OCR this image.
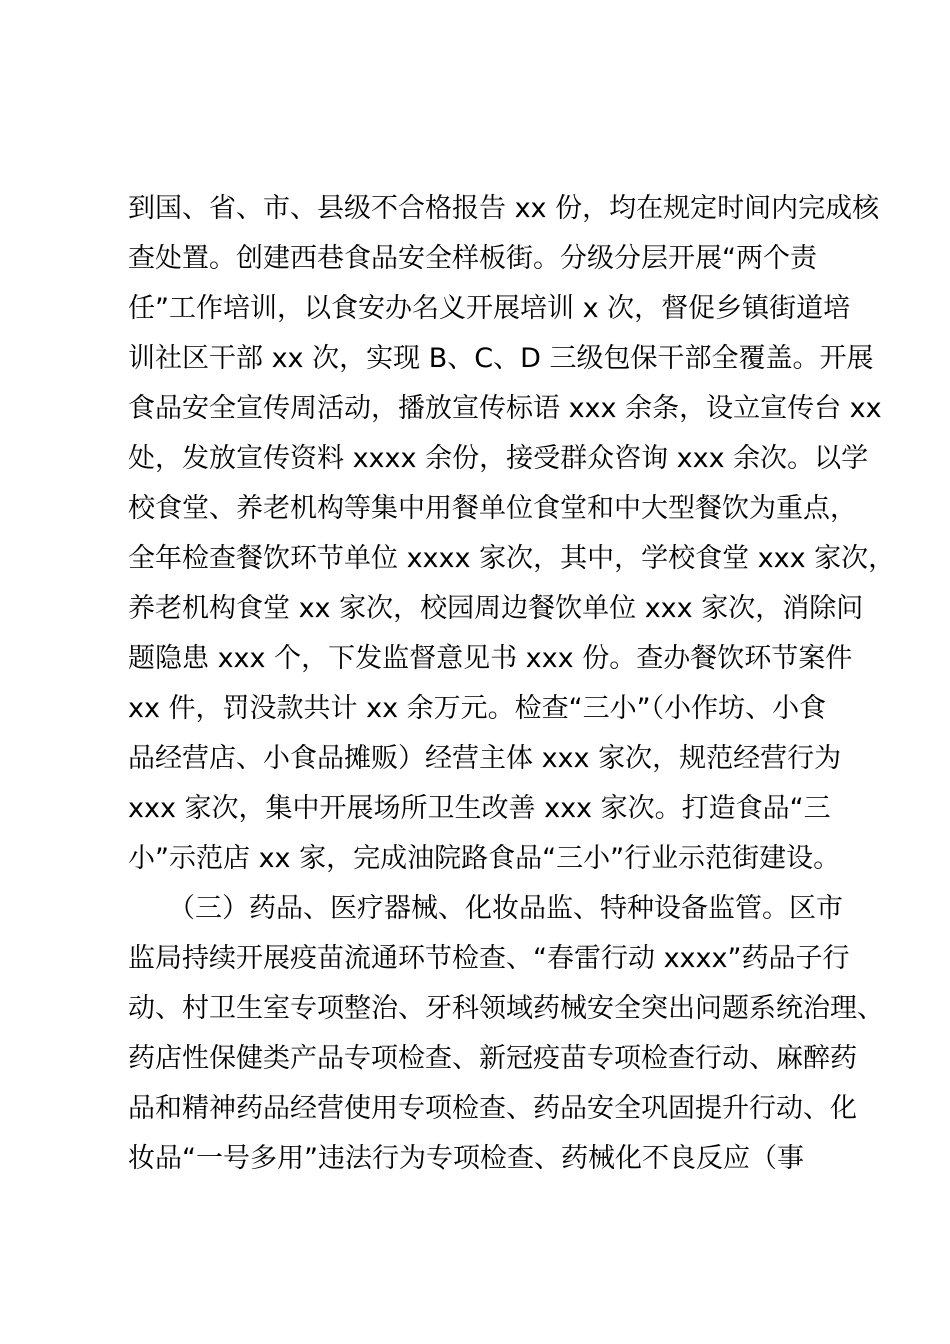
到国、省、市、县级不合格报告 xx 份，均在规定时间内完成核
查处置。创建西巷食品安全样板街。分级分层开展“两个责
任”工作培训，以食安办名义开展培训 x 次，督促乡镇街道培
训社区干部 xx 次，实现 B、C、D 三级包保干部全覆盖。开展
食品安全宣传周活动，播放宣传标语 xxx 余条，设立宣传台 xx
处，发放宣传资料 xxxx 余份，接受群众咨询 xxx 余次。以学
校食堂、养老机构等集中用餐单位食堂和中大型餐饮为重点，
全年检查餐饮环节单位 xxxx 家次，其中，学校食堂 xxx 家次，
养老机构食堂 xx 家次，校园周边餐饮单位 xxx 家次，消除问
题隐患 xxx 个，下发监督意见书 xxx 份。查办餐饮环节案件
xx 件，罚没款共计 xx 余万元。检查“三小”（小作坊、小食
品经营店、小食品摊贩）经营主体 xxx 家次，规范经营行为
xxx 家次，集中开展场所卫生改善 xxx 家次。打造食品“三
小”示范店 xx 家，完成油院路食品“三小”行业示范街建设。
（三）药品、医疗器械、化妆品监、特种设备监管。区市
监局持续开展疫苗流通环节检查、“春雷行动 xxxx”药品子行
动、村卫生室专项整治、牙科领域药械安全突出问题系统治理、
药店性保健类产品专项检查、新冠疫苗专项检查行动、麻醉药
品和精神药品经营使用专项检查、药品安全巩固提升行动、化
妆品“一号多用”违法行为专项检查、药械化不良反应（事
